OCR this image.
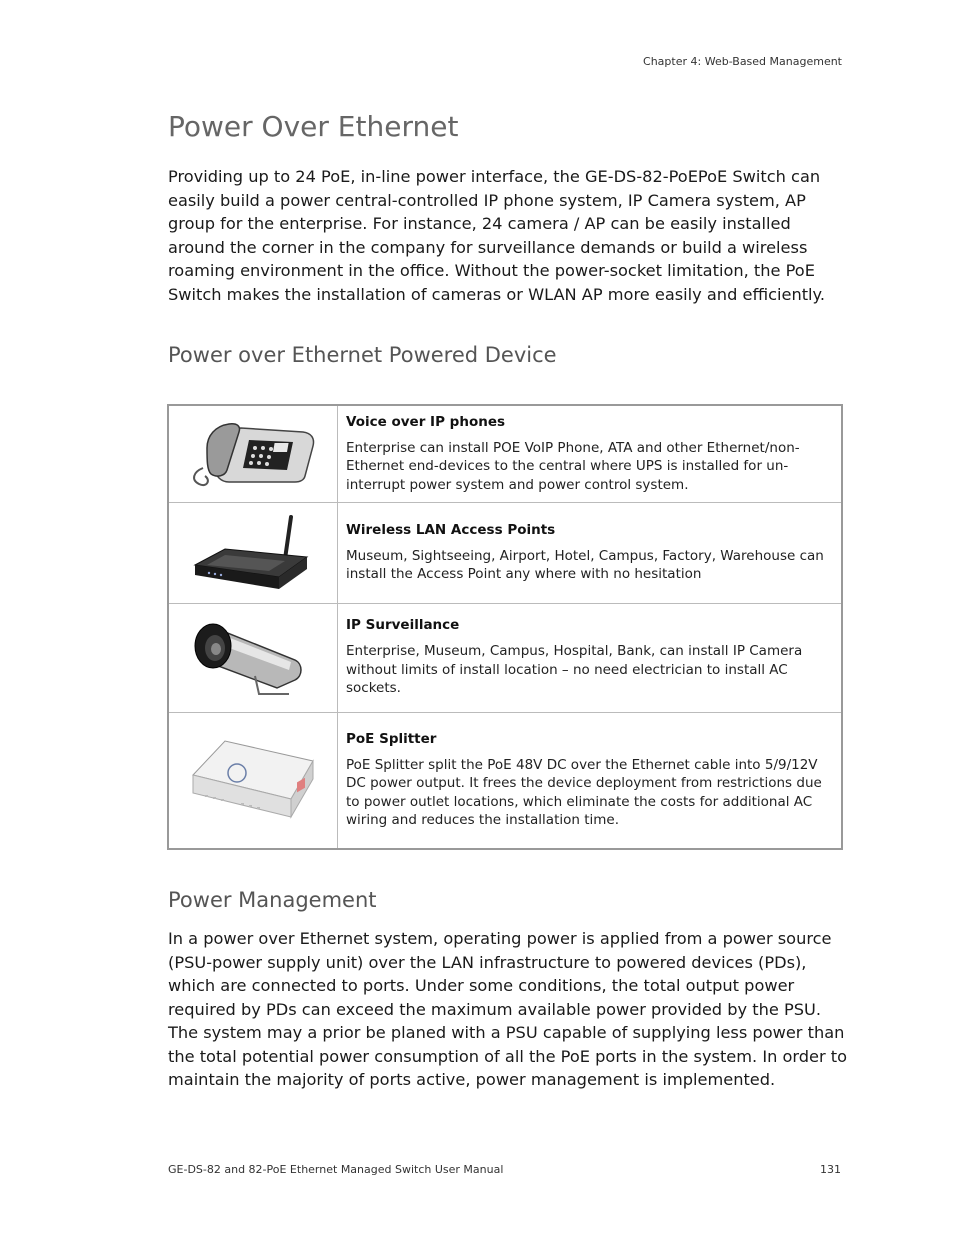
Chapter 4: Web-Based Management
Power Over Ethernet

Providing up to 24 PoE, in-line power interface, the GE-DS-82-PoEPoE Switch can easily build a power central-controlled IP phone system, IP Camera system, AP group for the enterprise. For instance, 24 camera / AP can be easily installed around the corner in the company for surveillance demands or build a wireless roaming environment in the office. Without the power-socket limitation, the PoE Switch makes the installation of cameras or WLAN AP more easily and efficiently.

Power over Ethernet Powered Device

Voice over IP phones

Enterprise can install POE VoIP Phone, ATA and other Ethernet/non-Ethernet end-devices to the central where UPS is installed for un-interrupt power system and power control system.

Wireless LAN Access Points

Museum, Sightseeing, Airport, Hotel, Campus, Factory, Warehouse can install the Access Point any where with no hesitation

IP Surveillance

Enterprise, Museum, Campus, Hospital, Bank, can install IP Camera without limits of install location – no need electrician to install AC sockets.

PoE Splitter

PoE Splitter split the PoE 48V DC over the Ethernet cable into 5/9/12V DC power output. It frees the device deployment from restrictions due to power outlet locations, which eliminate the costs for additional AC wiring and reduces the installation time.

Power Management

In a power over Ethernet system, operating power is applied from a power source (PSU-power supply unit) over the LAN infrastructure to powered devices (PDs), which are connected to ports. Under some conditions, the total output power required by PDs can exceed the maximum available power provided by the PSU. The system may a prior be planed with a PSU capable of supplying less power than the total potential power consumption of all the PoE ports in the system. In order to maintain the majority of ports active, power management is implemented.

GE-DS-82 and 82-PoE Ethernet Managed Switch User Manual	131
